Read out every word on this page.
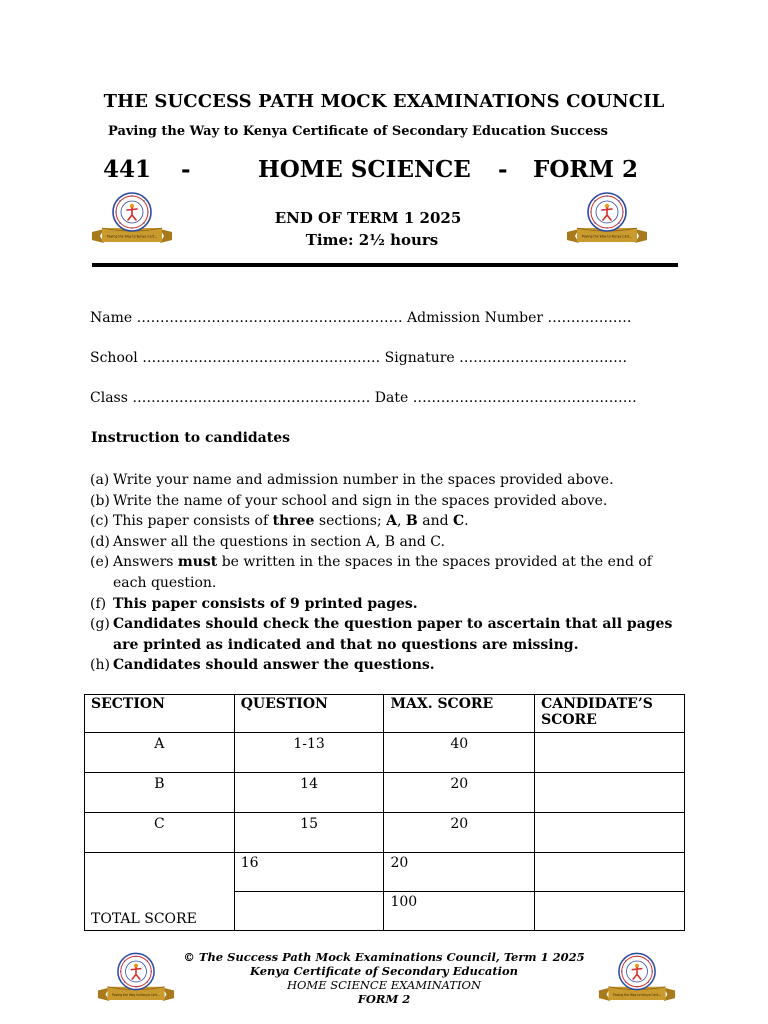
THE SUCCESS PATH MOCK EXAMINATIONS COUNCIL
Paving the Way to Kenya Certificate of Secondary Education Success
441 -	HOME SCIENCE - FORM 2
END OF TERM 1 2025
Time: 2½ hours
Name ………………………………………………… Admission Number ………………
School …………………………………………… Signature ………………………………
Class …………………………………………… Date …………………………………………
Instruction to candidates
(a) Write your name and admission number in the spaces provided above.
(b) Write the name of your school and sign in the spaces provided above.
(c) This paper consists of three sections; A, B and C.
(d) Answer all the questions in section A, B and C.
(e) Answers must be written in the spaces in the spaces provided at the end of each question.
(f) This paper consists of 9 printed pages.
(g) Candidates should check the question paper to ascertain that all pages are printed as indicated and that no questions are missing.
(h) Candidates should answer the questions.
SECTION	QUESTION	MAX. SCORE	CANDIDATE’S SCORE
A	1-13	40	
B	14	20	
C	15	20	
TOTAL SCORE	16	20	
		100	
© The Success Path Mock Examinations Council, Term 1 2025
Kenya Certificate of Secondary Education
HOME SCIENCE EXAMINATION
FORM 2
